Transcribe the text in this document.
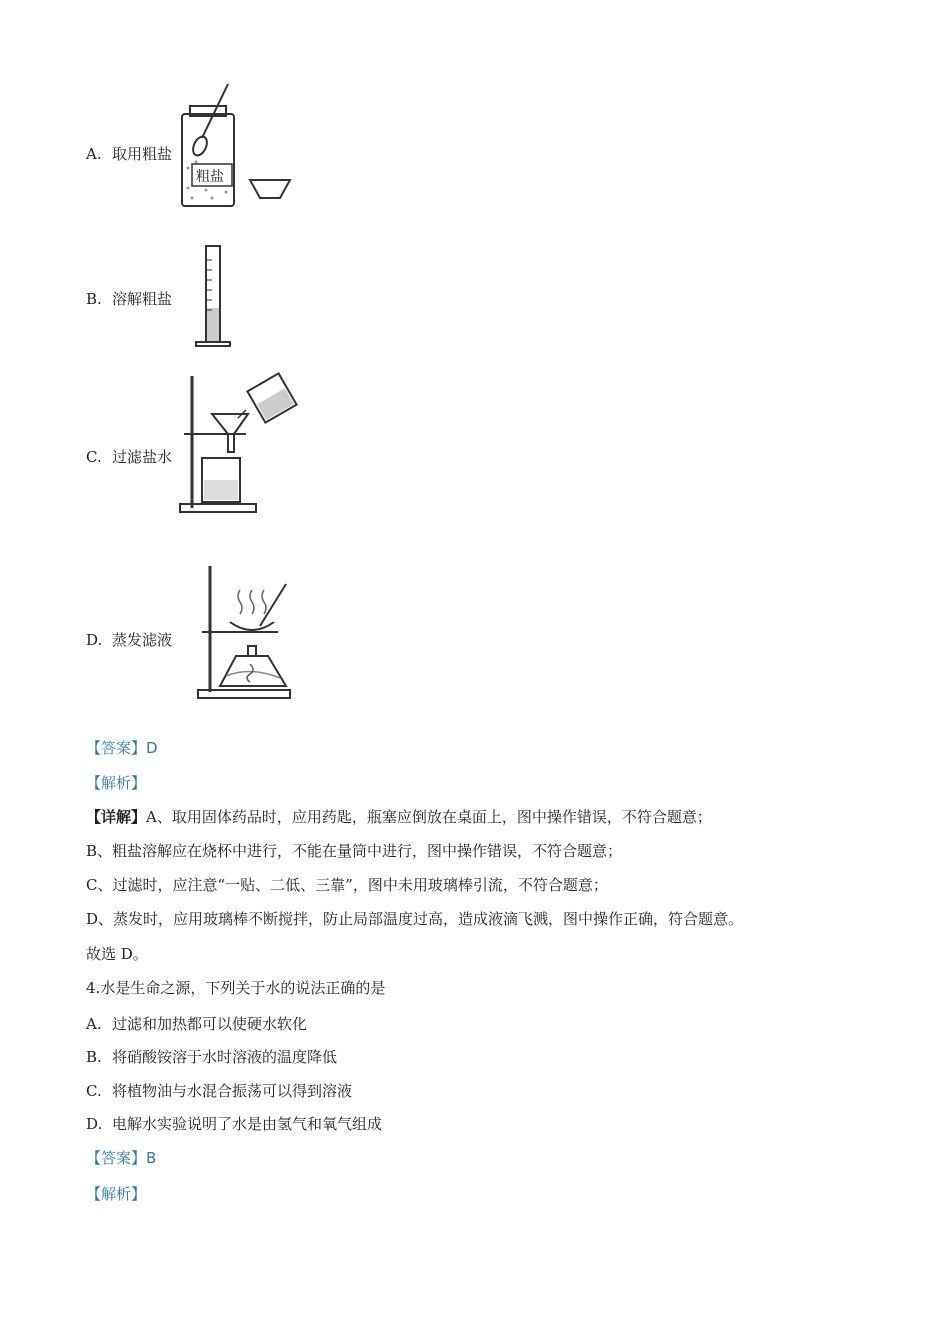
A. 取用粗盐
粗盐
B. 溶解粗盐
C. 过滤盐水
D. 蒸发滤液
【答案】D
【解析】
【详解】A、取用固体药品时，应用药匙，瓶塞应倒放在桌面上，图中操作错误，不符合题意；
B、粗盐溶解应在烧杯中进行，不能在量筒中进行，图中操作错误，不符合题意；
C、过滤时，应注意“一贴、二低、三靠”，图中未用玻璃棒引流，不符合题意；
D、蒸发时，应用玻璃棒不断搅拌，防止局部温度过高，造成液滴飞溅，图中操作正确，符合题意。
故选 D。
4.水是生命之源，下列关于水的说法正确的是
A. 过滤和加热都可以使硬水软化
B. 将硝酸铵溶于水时溶液的温度降低
C. 将植物油与水混合振荡可以得到溶液
D. 电解水实验说明了水是由氢气和氧气组成
【答案】B
【解析】
